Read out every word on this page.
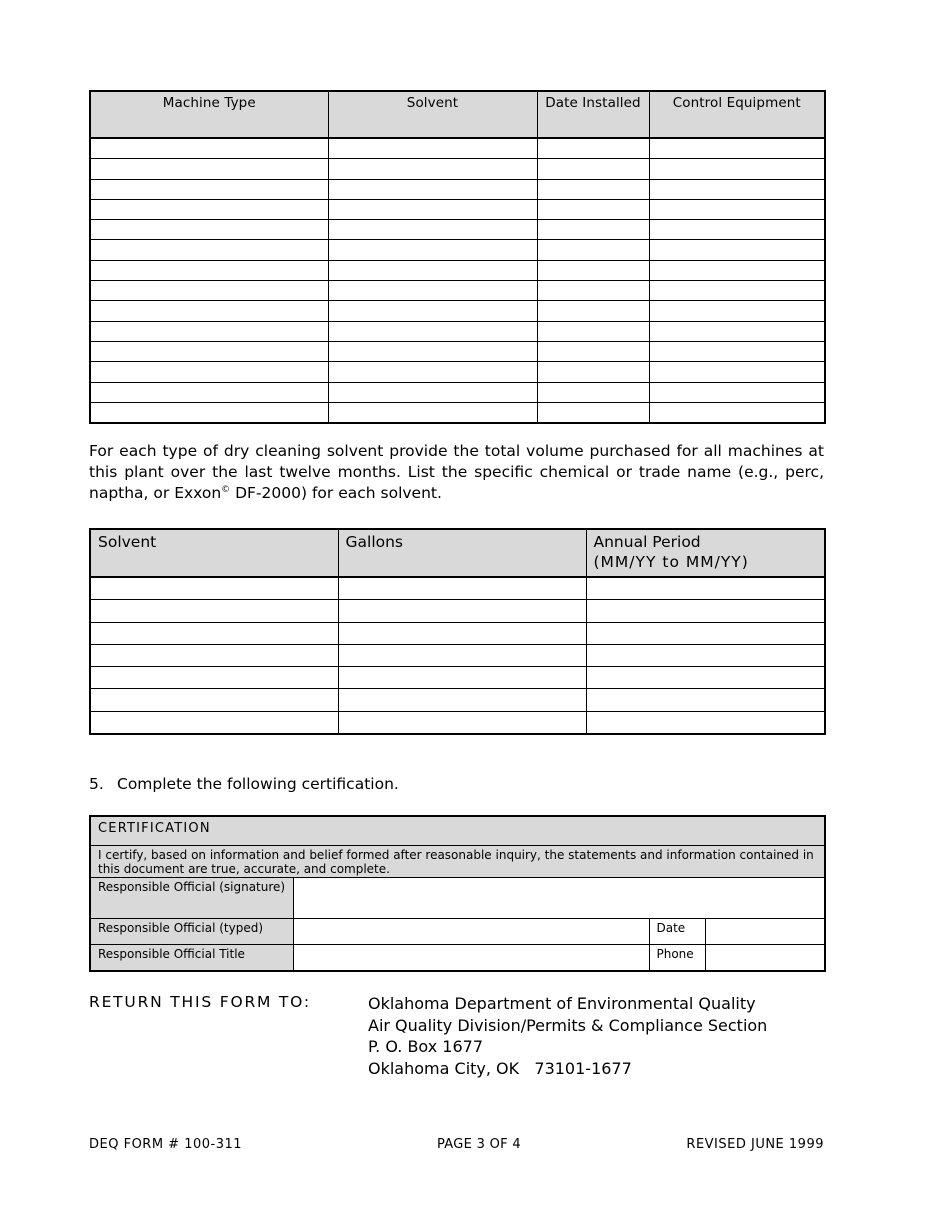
Machine Type	Solvent	Date Installed	Control Equipment

For each type of dry cleaning solvent provide the total volume purchased for all machines at this plant over the last twelve months. List the specific chemical or trade name (e.g., perc, naptha, or Exxon© DF-2000) for each solvent.
Solvent	Gallons	Annual Period
(MM/YY to MM/YY)

5. Complete the following certification.
CERTIFICATION			
I certify, based on information and belief formed after reasonable inquiry, the statements and information contained in this document are true, accurate, and complete.			
Responsible Official (signature)			
Responsible Official (typed)		Date	
Responsible Official Title		Phone	
RETURN THIS FORM TO:	Oklahoma Department of Environmental Quality
Air Quality Division/Permits & Compliance Section
P. O. Box 1677
Oklahoma City, OK   73101-1677
DEQ FORM # 100-311	PAGE 3 OF 4	REVISED JUNE 1999
